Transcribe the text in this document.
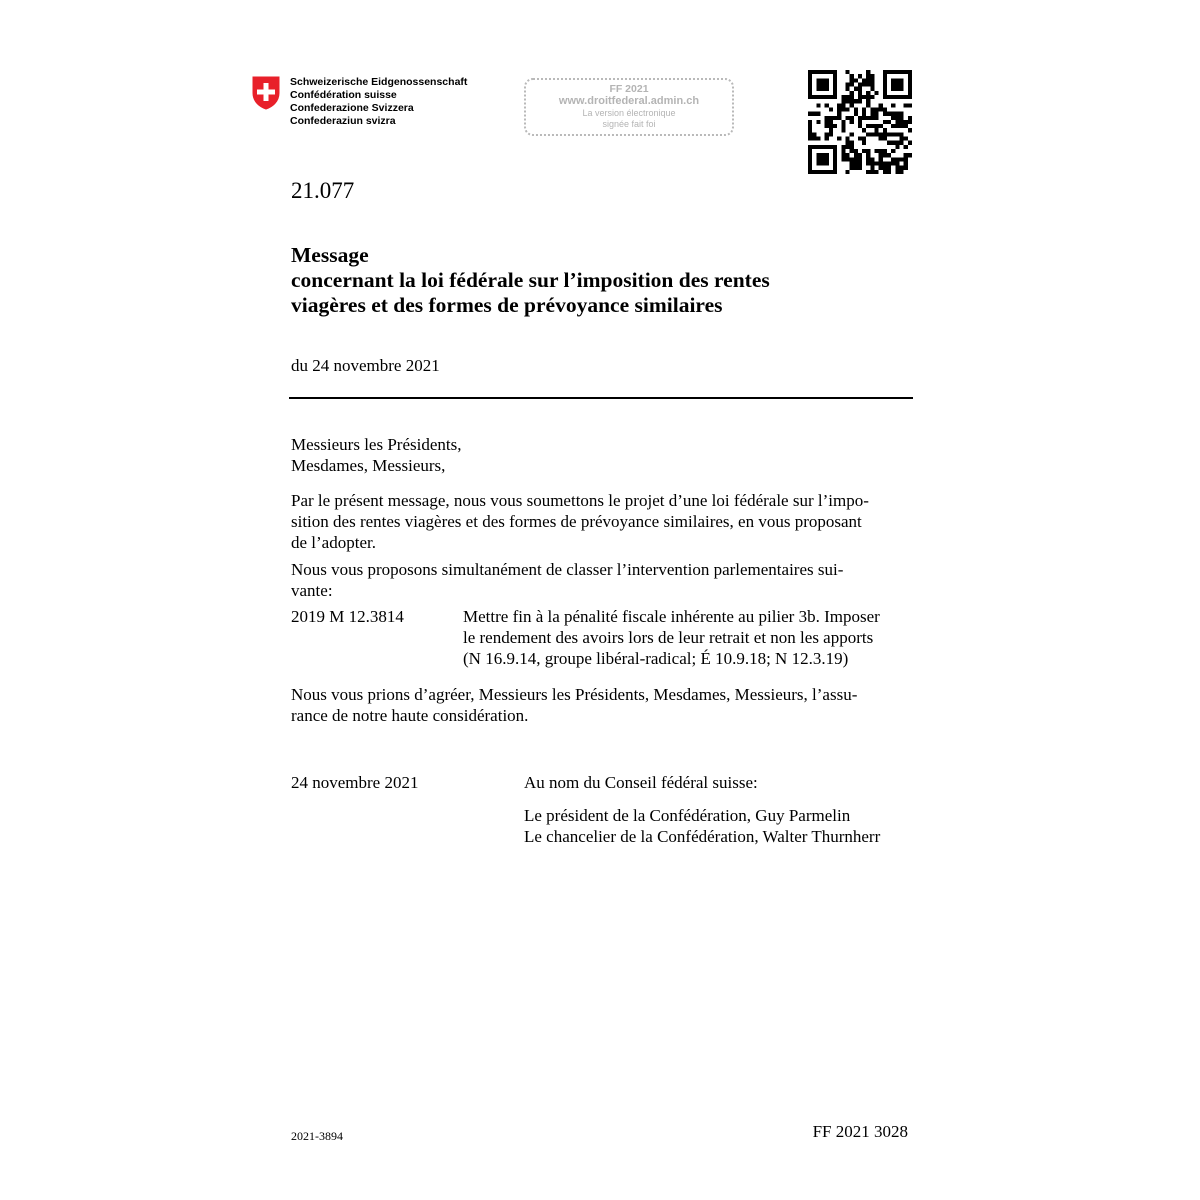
Schweizerische Eidgenossenschaft
Confédération suisse
Confederazione Svizzera
Confederaziun svizra
FF 2021
www.droitfederal.admin.ch
La version électronique
signée fait foi
21.077
Message
concernant la loi fédérale sur l’imposition des rentes
viagères et des formes de prévoyance similaires
du 24 novembre 2021
Messieurs les Présidents,
Mesdames, Messieurs,
Par le présent message, nous vous soumettons le projet d’une loi fédérale sur l’impo-
sition des rentes viagères et des formes de prévoyance similaires, en vous proposant
de l’adopter.
Nous vous proposons simultanément de classer l’intervention parlementaires sui-
vante:
2019 M 12.3814	Mettre fin à la pénalité fiscale inhérente au pilier 3b. Imposer
le rendement des avoirs lors de leur retrait et non les apports
(N 16.9.14, groupe libéral-radical; É 10.9.18; N 12.3.19)
Nous vous prions d’agréer, Messieurs les Présidents, Mesdames, Messieurs, l’assu-
rance de notre haute considération.
24 novembre 2021	Au nom du Conseil fédéral suisse:
Le président de la Confédération, Guy Parmelin
Le chancelier de la Confédération, Walter Thurnherr
2021-3894	FF 2021 3028
